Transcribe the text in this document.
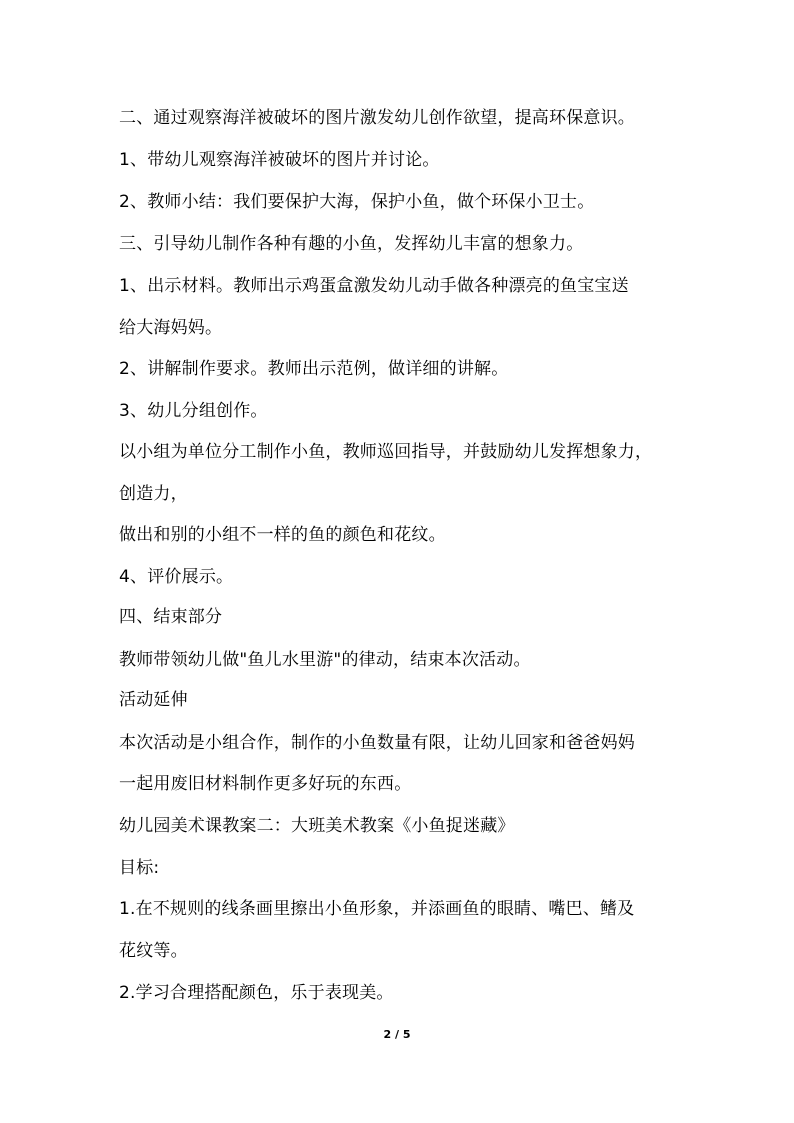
二、通过观察海洋被破坏的图片激发幼儿创作欲望，提高环保意识。
1、带幼儿观察海洋被破坏的图片并讨论。
2、教师小结：我们要保护大海，保护小鱼，做个环保小卫士。
三、引导幼儿制作各种有趣的小鱼，发挥幼儿丰富的想象力。
1、出示材料。教师出示鸡蛋盒激发幼儿动手做各种漂亮的鱼宝宝送
给大海妈妈。
2、讲解制作要求。教师出示范例，做详细的讲解。
3、幼儿分组创作。
以小组为单位分工制作小鱼，教师巡回指导，并鼓励幼儿发挥想象力，
创造力，
做出和别的小组不一样的鱼的颜色和花纹。
4、评价展示。
四、结束部分
教师带领幼儿做"鱼儿水里游"的律动，结束本次活动。
活动延伸
本次活动是小组合作，制作的小鱼数量有限，让幼儿回家和爸爸妈妈
一起用废旧材料制作更多好玩的东西。
幼儿园美术课教案二：大班美术教案《小鱼捉迷藏》
目标:
1.在不规则的线条画里擦出小鱼形象，并添画鱼的眼睛、嘴巴、鳍及
花纹等。
2.学习合理搭配颜色，乐于表现美。
2 / 5
